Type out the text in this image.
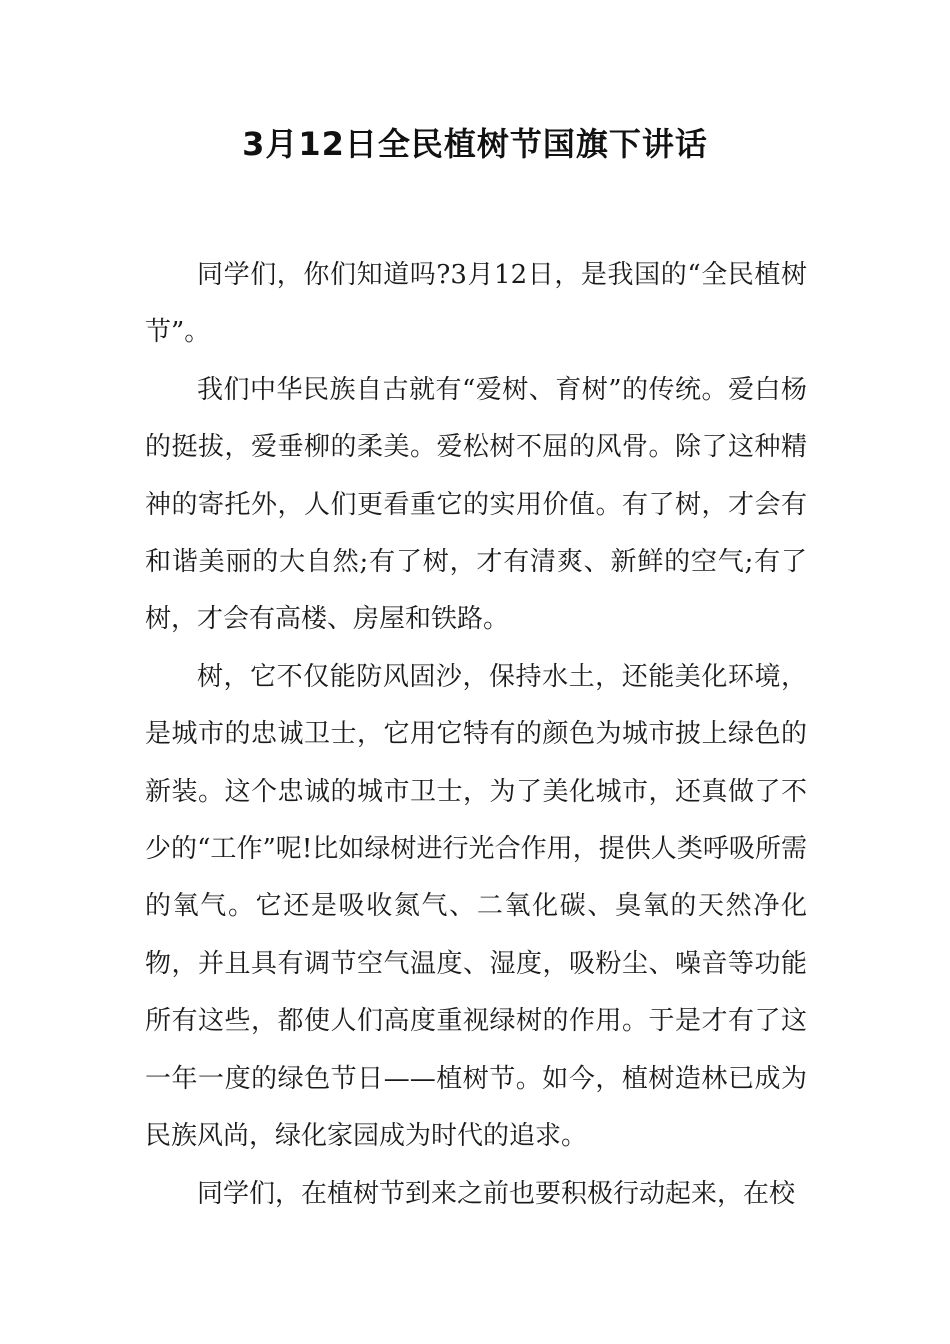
3月12日全民植树节国旗下讲话

同学们，你们知道吗?3月12日，是我国的“全民植树节”。

我们中华民族自古就有“爱树、育树”的传统。爱白杨的挺拔，爱垂柳的柔美。爱松树不屈的风骨。除了这种精神的寄托外，人们更看重它的实用价值。有了树，才会有和谐美丽的大自然;有了树，才有清爽、新鲜的空气;有了树，才会有高楼、房屋和铁路。

树，它不仅能防风固沙，保持水土，还能美化环境，是城市的忠诚卫士，它用它特有的颜色为城市披上绿色的新装。这个忠诚的城市卫士，为了美化城市，还真做了不少的“工作”呢!比如绿树进行光合作用，提供人类呼吸所需的氧气。它还是吸收氮气、二氧化碳、臭氧的天然净化物，并且具有调节空气温度、湿度，吸粉尘、噪音等功能所有这些，都使人们高度重视绿树的作用。于是才有了这一年一度的绿色节日——植树节。如今，植树造林已成为民族风尚，绿化家园成为时代的追求。

同学们，在植树节到来之前也要积极行动起来，在校
